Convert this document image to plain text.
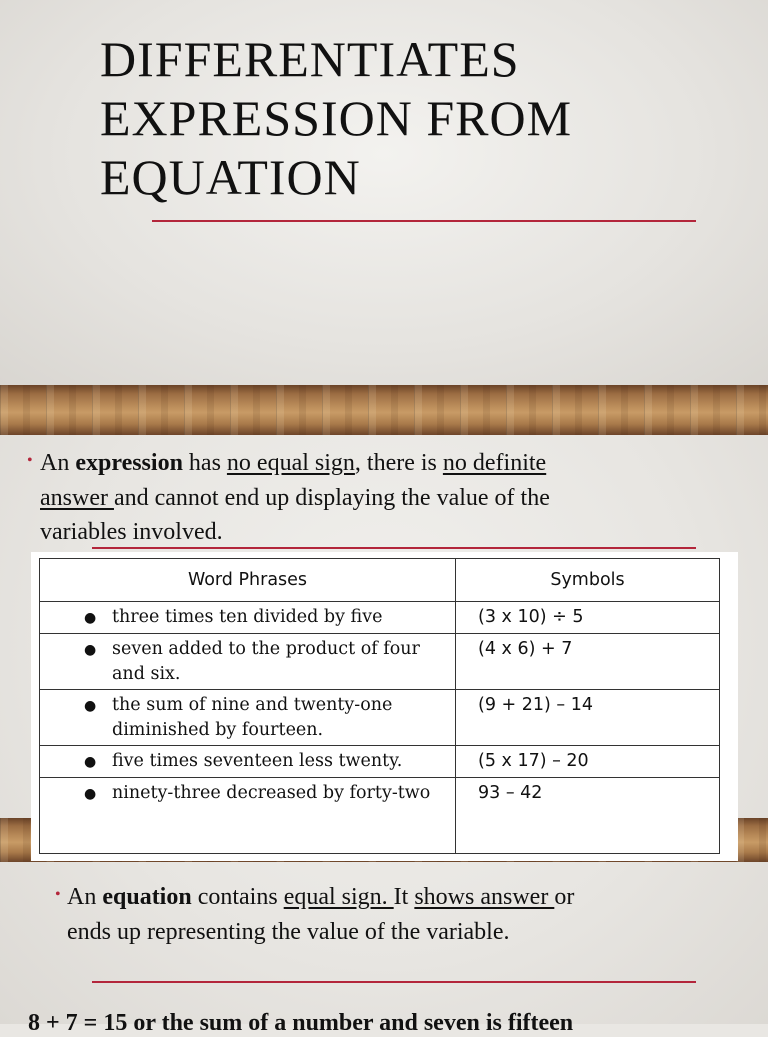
DIFFERENTIATES
EXPRESSION FROM
EQUATION
• An expression has no equal sign, there is no definite
answer and cannot end up displaying the value of the
variables involved.
Word Phrases	Symbols

● three times ten divided by five	(3 x 10) ÷ 5

● seven added to the product of four and six.	(4 x 6) + 7

● the sum of nine and twenty-one diminished by fourteen.	(9 + 21) – 14

● five times seventeen less twenty.	(5 x 17) – 20

● ninety-three decreased by forty-two	93 – 42
• An equation contains equal sign. It shows answer or
ends up representing the value of the variable.
8 + 7 = 15 or the sum of a number and seven is fifteen
